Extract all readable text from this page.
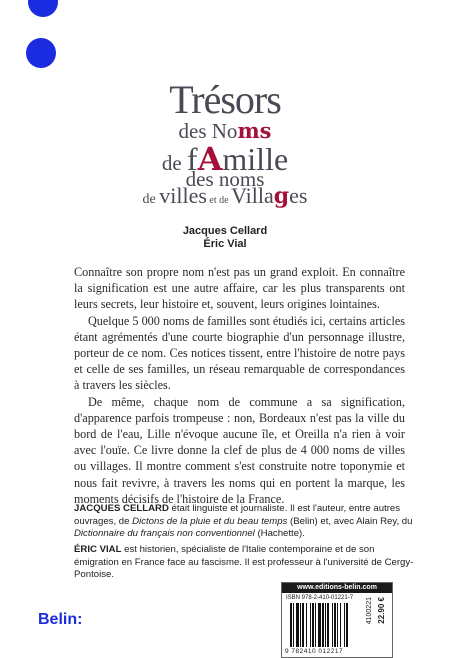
Trésors
des Noms
de fAmille
des noms
de villes et de Villages
Jacques Cellard
Éric Vial

Connaître son propre nom n'est pas un grand exploit. En connaître la signification est une autre affaire, car les plus transparents ont leurs secrets, leur histoire et, souvent, leurs origines lointaines.

Quelque 5 000 noms de familles sont étudiés ici, certains articles étant agrémentés d'une courte biographie d'un personnage illustre, porteur de ce nom. Ces notices tissent, entre l'histoire de notre pays et celle de ses familles, un réseau remarquable de correspondances à travers les siècles.

De même, chaque nom de commune a sa signification, d'apparence parfois trompeuse : non, Bordeaux n'est pas la ville du bord de l'eau, Lille n'évoque aucune île, et Oreilla n'a rien à voir avec l'ouïe. Ce livre donne la clef de plus de 4 000 noms de villes ou villages. Il montre comment s'est construite notre toponymie et nous fait revivre, à travers les noms qui en portent la marque, les moments décisifs de l'histoire de la France.

JACQUES CELLARD était linguiste et journaliste. Il est l'auteur, entre autres ouvrages, de Dictons de la pluie et du beau temps (Belin) et, avec Alain Rey, du Dictionnaire du français non conventionnel (Hachette).
ÉRIC VIAL est historien, spécialiste de l'Italie contemporaine et de son émigration en France face au fascisme. Il est professeur à l'université de Cergy-Pontoise.
Belin:
www.editions-belin.com
ISBN 978-2-410-01221-7
9 782410 012217
4100221 22.90 €
